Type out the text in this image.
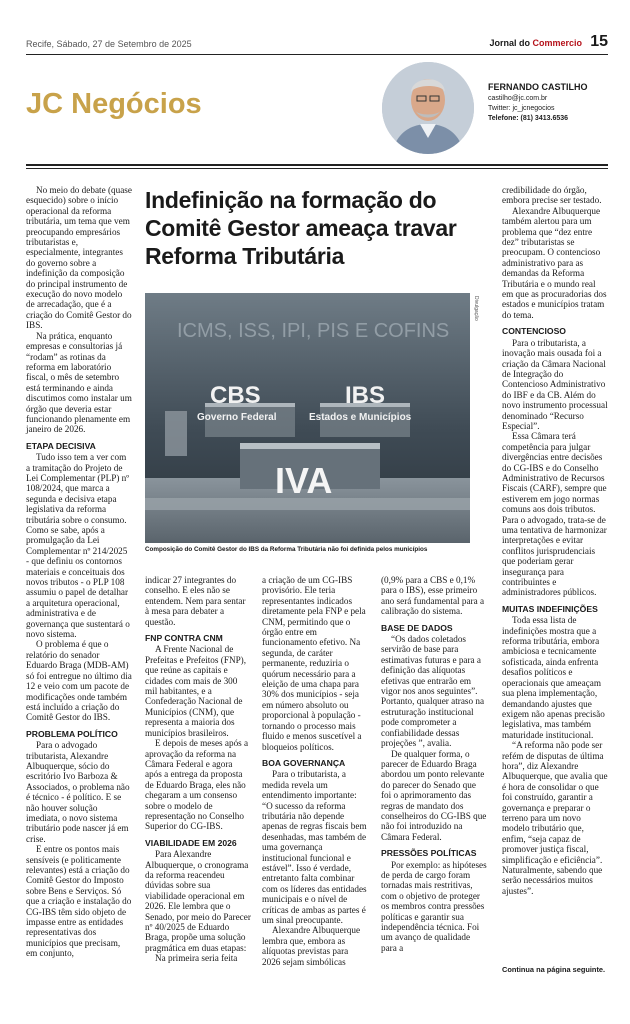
Recife, Sábado, 27 de Setembro de 2025	Jornal do Commercio 15
JC Negócios
FERNANDO CASTILHO
castilho@jc.com.br
Twitter: jc_jcnegocios
Telefone: (81) 3413.6536

No meio do debate (quase esquecido) sobre o início operacional da reforma tributária, um tema que vem preocupando empresários tributaristas e, especialmente, integrantes do governo sobre a indefinição da composição do principal instrumento de execução do novo modelo de arrecadação, que é a criação do Comitê Gestor do IBS.

Na prática, enquanto empresas e consultorias já “rodam” as rotinas da reforma em laboratório fiscal, o mês de setembro está terminando e ainda discutimos como instalar um órgão que deveria estar funcionando plenamente em janeiro de 2026.

ETAPA DECISIVA

Tudo isso tem a ver com a tramitação do Projeto de Lei Complementar (PLP) nº 108/2024, que marca a segunda e decisiva etapa legislativa da reforma tributária sobre o consumo. Como se sabe, após a promulgação da Lei Complementar nº 214/2025 - que definiu os contornos materiais e conceituais dos novos tributos - o PLP 108 assumiu o papel de detalhar a arquitetura operacional, administrativa e de governança que sustentará o novo sistema.

O problema é que o relatório do senador Eduardo Braga (MDB-AM) só foi entregue no último dia 12 e veio com um pacote de modificações onde também está incluído a criação do Comitê Gestor do IBS.

PROBLEMA POLÍTICO

Para o advogado tributarista, Alexandre Albuquerque, sócio do escritório Ivo Barboza & Associados, o problema não é técnico - é político. E se não houver solução imediata, o novo sistema tributário pode nascer já em crise.

E entre os pontos mais sensíveis (e politicamente relevantes) está a criação do Comitê Gestor do Imposto sobre Bens e Serviços. Só que a criação e instalação do CG-IBS têm sido objeto de impasse entre as entidades representativas dos municípios que precisam, em conjunto,

Indefinição na formação do Comitê Gestor ameaça travar Reforma Tributária
ICMS, ISS, IPI, PIS E COFINS
CBS
Governo Federal
IBS
Estados e Municípios
IVA
Divulgação
Composição do Comitê Gestor do IBS da Reforma Tributária não foi definida pelos municípios

indicar 27 integrantes do conselho. E eles não se entendem. Nem para sentar à mesa para debater a questão.

FNP CONTRA CNM

A Frente Nacional de Prefeitas e Prefeitos (FNP), que reúne as capitais e cidades com mais de 300 mil habitantes, e a Confederação Nacional de Municípios (CNM), que representa a maioria dos municípios brasileiros.

E depois de meses após a aprovação da reforma na Câmara Federal e agora após a entrega da proposta de Eduardo Braga, eles não chegaram a um consenso sobre o modelo de representação no Conselho Superior do CG-IBS.

VIABILIDADE EM 2026

Para Alexandre Albuquerque, o cronograma da reforma reacendeu dúvidas sobre sua viabilidade operacional em 2026. Ele lembra que o Senado, por meio do Parecer nº 40/2025 de Eduardo Braga, propõe uma solução pragmática em duas etapas:

Na primeira seria feita

a criação de um CG-IBS provisório. Ele teria representantes indicados diretamente pela FNP e pela CNM, permitindo que o órgão entre em funcionamento efetivo. Na segunda, de caráter permanente, reduziria o quórum necessário para a eleição de uma chapa para 30% dos municípios - seja em número absoluto ou proporcional à população - tornando o processo mais fluido e menos suscetível a bloqueios políticos.

BOA GOVERNANÇA

Para o tributarista, a medida revela um entendimento importante: “O sucesso da reforma tributária não depende apenas de regras fiscais bem desenhadas, mas também de uma governança institucional funcional e estável”. Isso é verdade, entretanto falta combinar com os líderes das entidades municipais e o nível de críticas de ambas as partes é um sinal preocupante.

Alexandre Albuquerque lembra que, embora as alíquotas previstas para 2026 sejam simbólicas

(0,9% para a CBS e 0,1% para o IBS), esse primeiro ano será fundamental para a calibração do sistema.

BASE DE DADOS

“Os dados coletados servirão de base para estimativas futuras e para a definição das alíquotas efetivas que entrarão em vigor nos anos seguintes”. Portanto, qualquer atraso na estruturação institucional pode comprometer a confiabilidade dessas projeções ”, avalia.

De qualquer forma, o parecer de Eduardo Braga abordou um ponto relevante do parecer do Senado que foi o aprimoramento das regras de mandato dos conselheiros do CG-IBS que não foi introduzido na Câmara Federal.

PRESSÕES POLÍTICAS

Por exemplo: as hipóteses de perda de cargo foram tornadas mais restritivas, com o objetivo de proteger os membros contra pressões políticas e garantir sua independência técnica. Foi um avanço de qualidade para a

credibilidade do órgão, embora precise ser testado.

Alexandre Albuquerque também alertou para um problema que “dez entre dez” tributaristas se preocupam. O contencioso administrativo para as demandas da Reforma Tributária e o mundo real em que as procuradorias dos estados e municípios tratam do tema.

CONTENCIOSO

Para o tributarista, a inovação mais ousada foi a criação da Câmara Nacional de Integração do Contencioso Administrativo do IBF e da CB. Além do novo instrumento processual denominado “Recurso Especial”.

Essa Câmara terá competência para julgar divergências entre decisões do CG-IBS e do Conselho Administrativo de Recursos Fiscais (CARF), sempre que estiverem em jogo normas comuns aos dois tributos. Para o advogado, trata-se de uma tentativa de harmonizar interpretações e evitar conflitos jurisprudenciais que poderiam gerar insegurança para contribuintes e administradores públicos.

MUITAS INDEFINIÇÕES

Toda essa lista de indefinições mostra que a reforma tributária, embora ambiciosa e tecnicamente sofisticada, ainda enfrenta desafios políticos e operacionais que ameaçam sua plena implementação, demandando ajustes que exigem não apenas precisão legislativa, mas também maturidade institucional.

“A reforma não pode ser refém de disputas de última hora”, diz Alexandre Albuquerque, que avalia que é hora de consolidar o que foi construído, garantir a governança e preparar o terreno para um novo modelo tributário que, enfim, “seja capaz de promover justiça fiscal, simplificação e eficiência”. Naturalmente, sabendo que serão necessários muitos ajustes”.

Continua na página seguinte.
